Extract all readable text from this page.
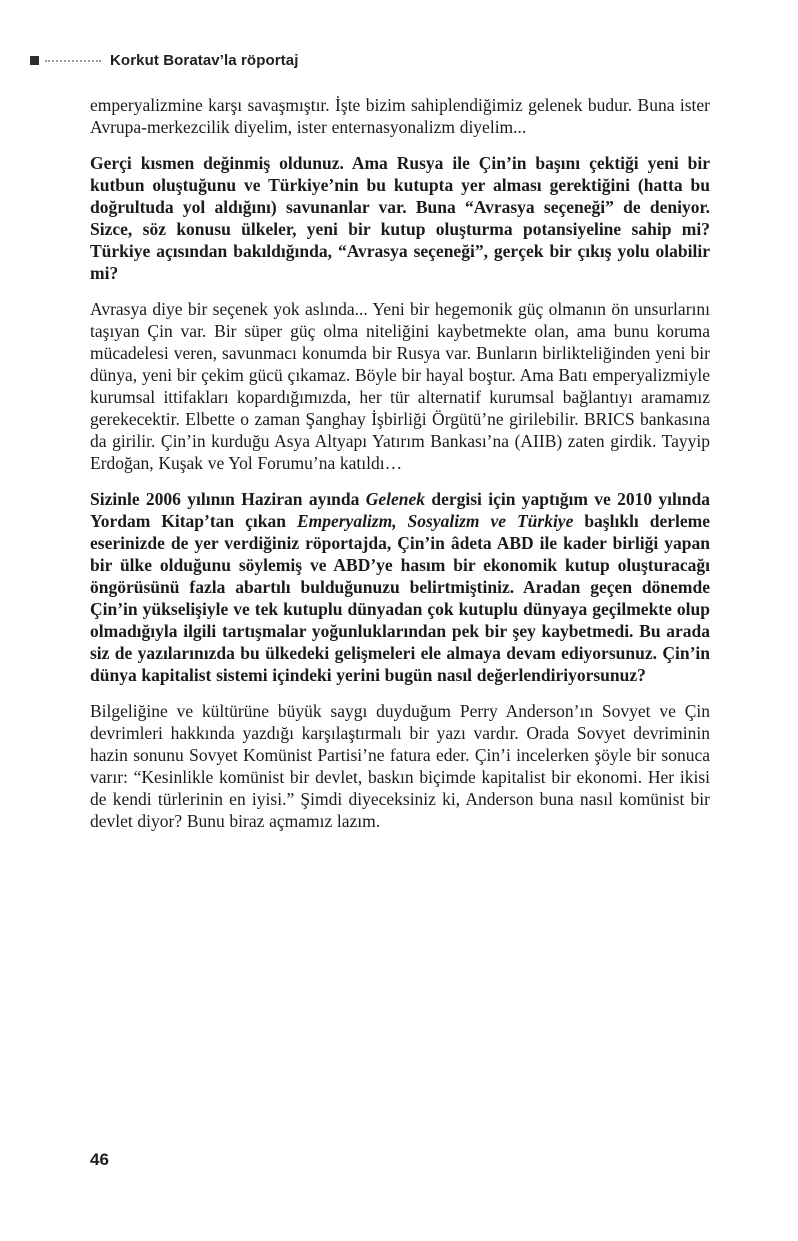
Korkut Boratav’la röportaj

emperyalizmine karşı savaşmıştır. İşte bizim sahiplendiğimiz gelenek budur. Buna ister Avrupa-merkezcilik diyelim, ister enternasyonalizm diyelim...

Gerçi kısmen değinmiş oldunuz. Ama Rusya ile Çin’in başını çektiği yeni bir kutbun oluştuğunu ve Türkiye’nin bu kutupta yer alması gerektiğini (hatta bu doğrultuda yol aldığını) savunanlar var. Buna “Avrasya seçeneği” de deniyor. Sizce, söz konusu ülkeler, yeni bir kutup oluşturma potansiyeline sahip mi? Türkiye açısından bakıldığında, “Avrasya seçeneği”, gerçek bir çıkış yolu olabilir mi?

Avrasya diye bir seçenek yok aslında... Yeni bir hegemonik güç olmanın ön unsurlarını taşıyan Çin var. Bir süper güç olma niteliğini kaybetmekte olan, ama bunu koruma mücadelesi veren, savunmacı konumda bir Rusya var. Bunların birlikteliğinden yeni bir dünya, yeni bir çekim gücü çıkamaz. Böyle bir hayal boştur. Ama Batı emperyalizmiyle kurumsal ittifakları kopardığımızda, her tür alternatif kurumsal bağlantıyı aramamız gerekecektir. Elbette o zaman Şanghay İşbirliği Örgütü’ne girilebilir. BRICS bankasına da girilir. Çin’in kurduğu Asya Altyapı Yatırım Bankası’na (AIIB) zaten girdik. Tayyip Erdoğan, Kuşak ve Yol Forumu’na katıldı…

Sizinle 2006 yılının Haziran ayında Gelenek dergisi için yaptığım ve 2010 yılında Yordam Kitap’tan çıkan Emperyalizm, Sosyalizm ve Türkiye başlıklı derleme eserinizde de yer verdiğiniz röportajda, Çin’in âdeta ABD ile kader birliği yapan bir ülke olduğunu söylemiş ve ABD’ye hasım bir ekonomik kutup oluşturacağı öngörüsünü fazla abartılı bulduğunuzu belirtmiştiniz. Aradan geçen dönemde Çin’in yükselişiyle ve tek kutuplu dünyadan çok kutuplu dünyaya geçilmekte olup olmadığıyla ilgili tartışmalar yoğunluklarından pek bir şey kaybetmedi. Bu arada siz de yazılarınızda bu ülkedeki gelişmeleri ele almaya devam ediyorsunuz. Çin’in dünya kapitalist sistemi içindeki yerini bugün nasıl değerlendiriyorsunuz?

Bilgeliğine ve kültürüne büyük saygı duyduğum Perry Anderson’ın Sovyet ve Çin devrimleri hakkında yazdığı karşılaştırmalı bir yazı vardır. Orada Sovyet devriminin hazin sonunu Sovyet Komünist Partisi’ne fatura eder. Çin’i incelerken şöyle bir sonuca varır: “Kesinlikle komünist bir devlet, baskın biçimde kapitalist bir ekonomi. Her ikisi de kendi türlerinin en iyisi.” Şimdi diyeceksiniz ki, Anderson buna nasıl komünist bir devlet diyor? Bunu biraz açmamız lazım.

46
